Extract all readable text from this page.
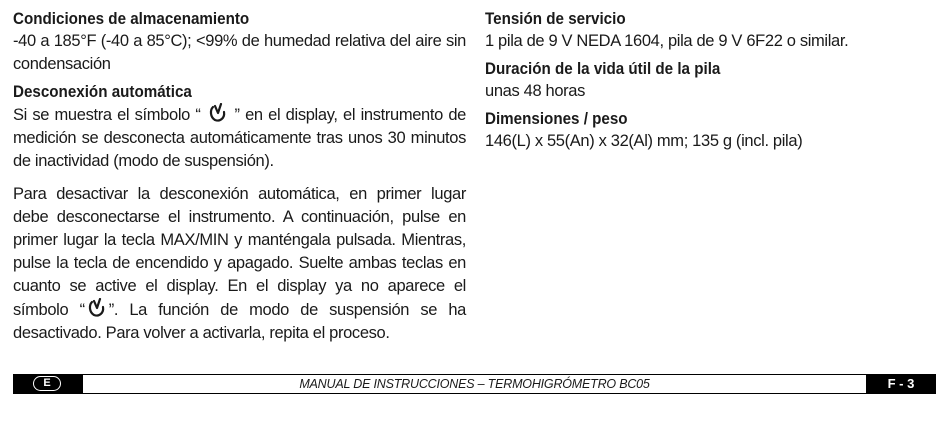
Condiciones de almacenamiento

-40 a 185°F (-40 a 85°C); <99% de humedad relativa del aire sin condensación

Desconexión automática

Si se muestra el símbolo “ ” en el display, el instrumento de medición se desconecta automáticamente tras unos 30 minutos de inactividad (modo de suspensión).

Para desactivar la desconexión automática, en primer lugar debe desconectarse el instrumento. A continuación, pulse en primer lugar la tecla MAX/MIN y manténgala pulsada. Mientras, pulse la tecla de encendido y apagado. Suelte ambas teclas en cuanto se active el display. En el display ya no aparece el símbolo “ ”. La función de modo de suspensión se ha desactivado. Para volver a activarla, repita el proceso.

Tensión de servicio

1 pila de 9 V NEDA 1604, pila de 9 V 6F22 o similar.

Duración de la vida útil de la pila

unas 48 horas

Dimensiones / peso

146(L) x 55(An) x 32(Al) mm; 135 g (incl. pila)

E	MANUAL DE INSTRUCCIONES – TERMOHIGRÓMETRO BC05	F - 3
